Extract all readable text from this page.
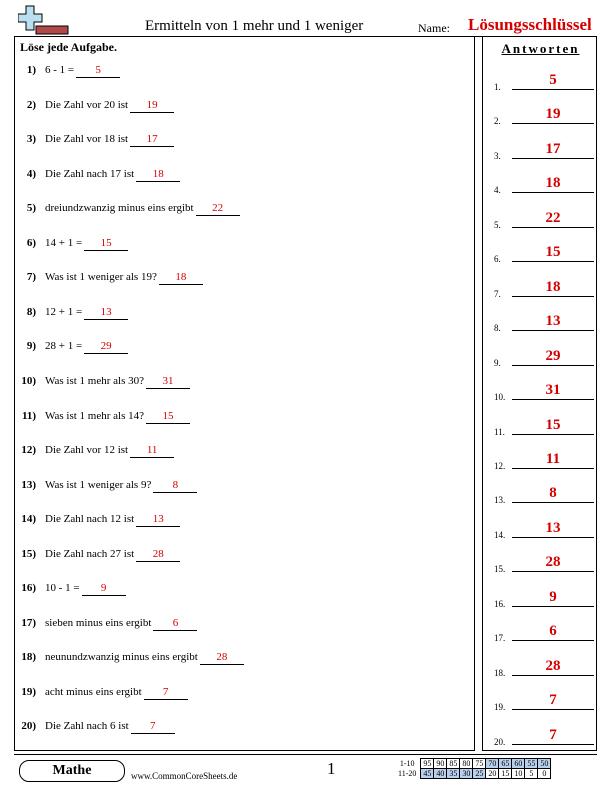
Ermitteln von 1 mehr und 1 weniger	Name: Lösungsschlüssel
Löse jede Aufgabe.
1) 6 - 1 = 5
2) Die Zahl vor 20 ist 19
3) Die Zahl vor 18 ist 17
4) Die Zahl nach 17 ist 18
5) dreiundzwanzig minus eins ergibt 22
6) 14 + 1 = 15
7) Was ist 1 weniger als 19? 18
8) 12 + 1 = 13
9) 28 + 1 = 29
10) Was ist 1 mehr als 30? 31
11) Was ist 1 mehr als 14? 15
12) Die Zahl vor 12 ist 11
13) Was ist 1 weniger als 9? 8
14) Die Zahl nach 12 ist 13
15) Die Zahl nach 27 ist 28
16) 10 - 1 = 9
17) sieben minus eins ergibt 6
18) neunundzwanzig minus eins ergibt 28
19) acht minus eins ergibt 7
20) Die Zahl nach 6 ist 7
Antworten
1.	5
2.	19
3.	17
4.	18
5.	22
6.	15
7.	18
8.	13
9.	29
10.	31
11.	15
12.	11
13.	8
14.	13
15.	28
16.	9
17.	6
18.	28
19.	7
20.	7
Mathe	www.CommonCoreSheets.de	1	1-10	95	90	85	80	75	70	65	60	55	50
11-20	45	40	35	30	25	20	15	10	5	0
